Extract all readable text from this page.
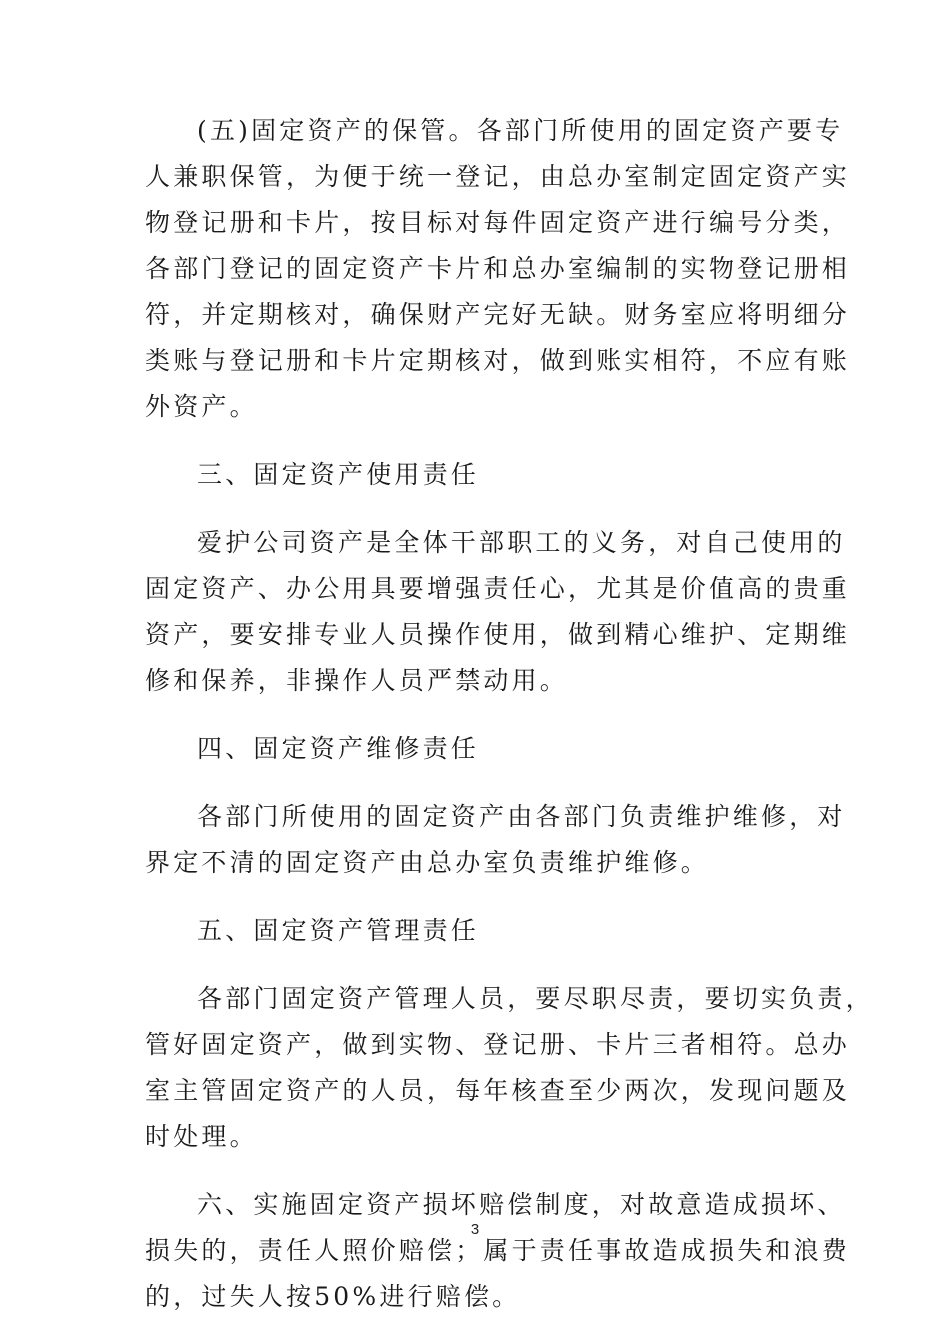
(五)固定资产的保管。各部门所使用的固定资产要专
人兼职保管，为便于统一登记，由总办室制定固定资产实
物登记册和卡片，按目标对每件固定资产进行编号分类，
各部门登记的固定资产卡片和总办室编制的实物登记册相
符，并定期核对，确保财产完好无缺。财务室应将明细分
类账与登记册和卡片定期核对，做到账实相符，不应有账
外资产。
三、固定资产使用责任
爱护公司资产是全体干部职工的义务，对自己使用的
固定资产、办公用具要增强责任心，尤其是价值高的贵重
资产，要安排专业人员操作使用，做到精心维护、定期维
修和保养，非操作人员严禁动用。
四、固定资产维修责任
各部门所使用的固定资产由各部门负责维护维修，对
界定不清的固定资产由总办室负责维护维修。
五、固定资产管理责任
各部门固定资产管理人员，要尽职尽责，要切实负责，
管好固定资产，做到实物、登记册、卡片三者相符。总办
室主管固定资产的人员，每年核查至少两次，发现问题及
时处理。
六、实施固定资产损坏赔偿制度，对故意造成损坏、
损失的，责任人照价赔偿；属于责任事故造成损失和浪费
的，过失人按50%进行赔偿。
3
